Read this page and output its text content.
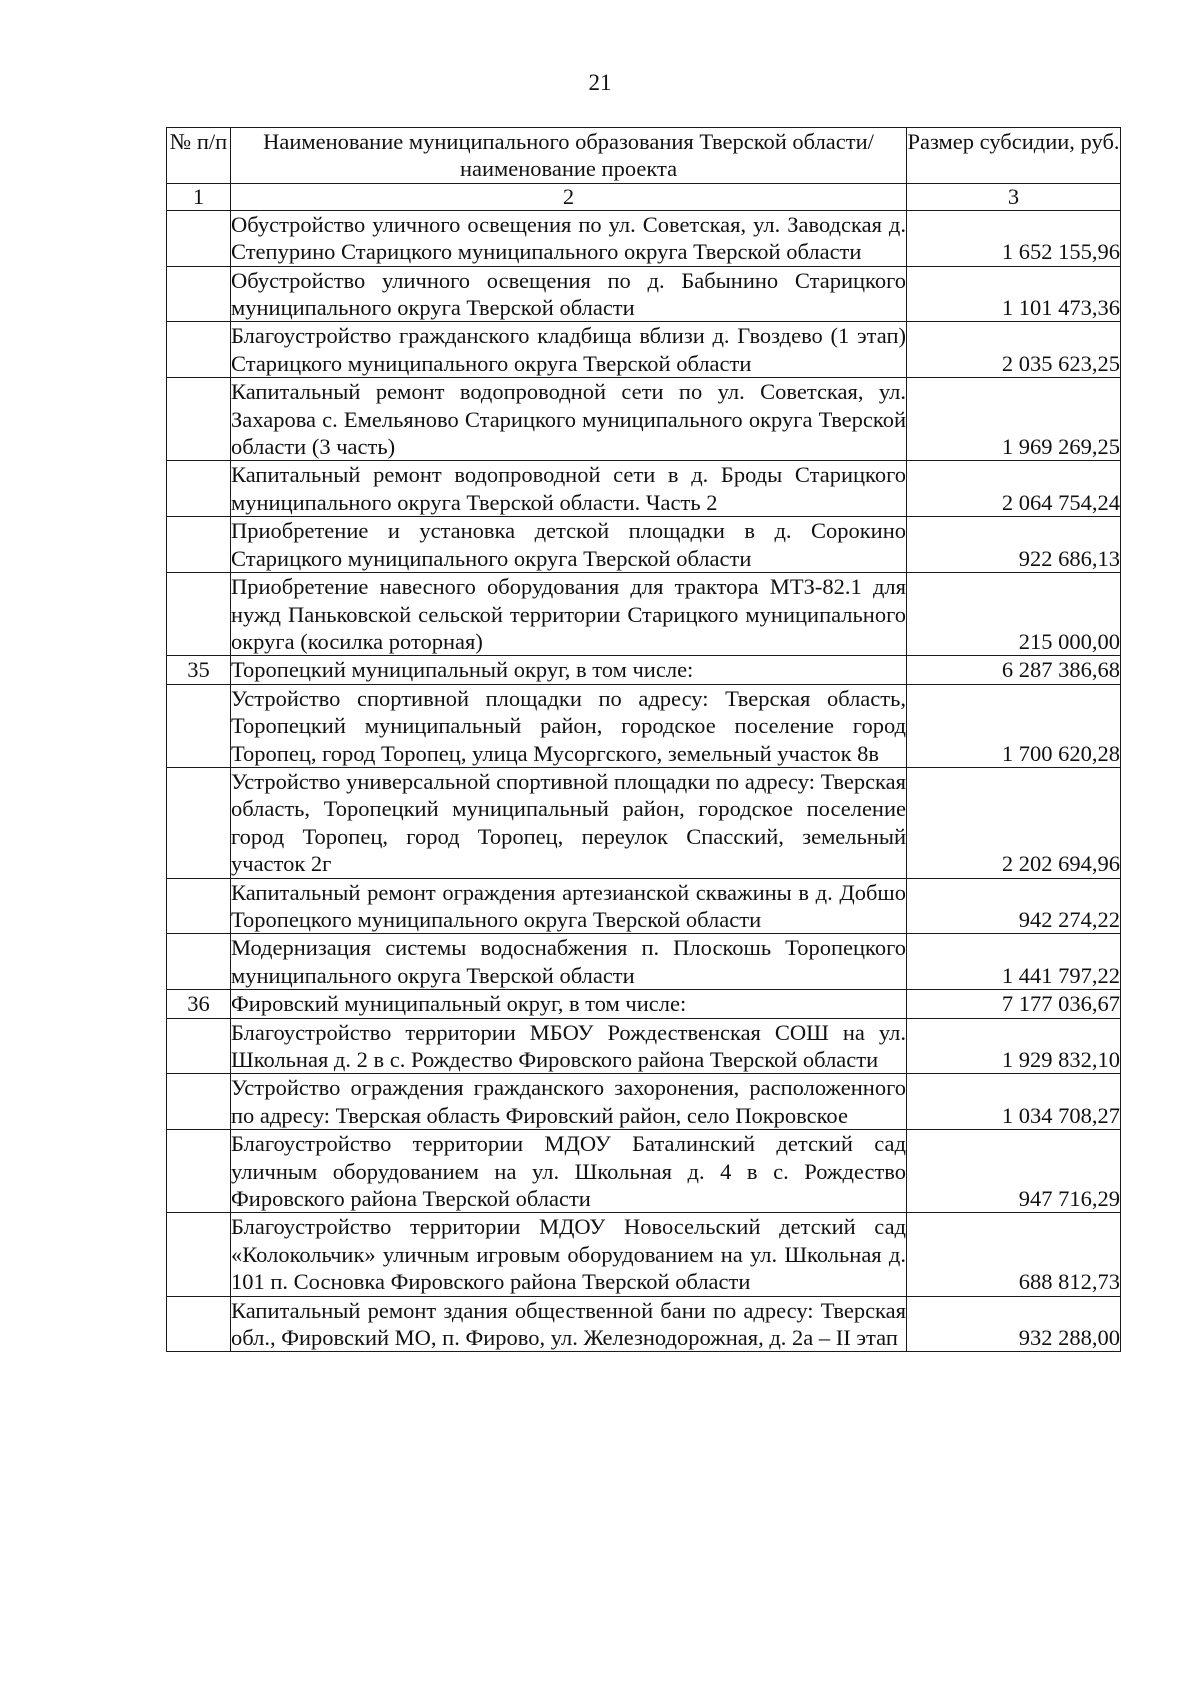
21
№ п/п	Наименование муниципального образования Тверской области/наименование проекта	Размер субсидии, руб.
1	2	3
	Обустройство уличного освещения по ул. Советская, ул. Заводская д. Степурино Старицкого муниципального округа Тверской области	1 652 155,96
	Обустройство уличного освещения по д. Бабынино Старицкого муниципального округа Тверской области	1 101 473,36
	Благоустройство гражданского кладбища вблизи д. Гвоздево (1 этап) Старицкого муниципального округа Тверской области	2 035 623,25
	Капитальный ремонт водопроводной сети по ул. Советская, ул. Захарова с. Емельяново Старицкого муниципального округа Тверской области (3 часть)	1 969 269,25
	Капитальный ремонт водопроводной сети в д. Броды Старицкого муниципального округа Тверской области. Часть 2	2 064 754,24
	Приобретение и установка детской площадки в д. Сорокино Старицкого муниципального округа Тверской области	922 686,13
	Приобретение навесного оборудования для трактора МТЗ-82.1 для нужд Паньковской сельской территории Старицкого муниципального округа (косилка роторная)	215 000,00
35	Торопецкий муниципальный округ, в том числе:	6 287 386,68
	Устройство спортивной площадки по адресу: Тверская область, Торопецкий муниципальный район, городское поселение город Торопец, город Торопец, улица Мусоргского, земельный участок 8в	1 700 620,28
	Устройство универсальной спортивной площадки по адресу: Тверская область, Торопецкий муниципальный район, городское поселение город Торопец, город Торопец, переулок Спасский, земельный участок 2г	2 202 694,96
	Капитальный ремонт ограждения артезианской скважины в д. Добшо Торопецкого муниципального округа Тверской области	942 274,22
	Модернизация системы водоснабжения п. Плоскошь Торопецкого муниципального округа Тверской области	1 441 797,22
36	Фировский муниципальный округ, в том числе:	7 177 036,67
	Благоустройство территории МБОУ Рождественская СОШ на ул. Школьная д. 2 в с. Рождество Фировского района Тверской области	1 929 832,10
	Устройство ограждения гражданского захоронения, расположенного по адресу: Тверская область Фировский район, село Покровское	1 034 708,27
	Благоустройство территории МДОУ Баталинский детский сад уличным оборудованием на ул. Школьная д. 4 в с. Рождество Фировского района Тверской области	947 716,29
	Благоустройство территории МДОУ Новосельский детский сад «Колокольчик» уличным игровым оборудованием на ул. Школьная д. 101 п. Сосновка Фировского района Тверской области	688 812,73
	Капитальный ремонт здания общественной бани по адресу: Тверская обл., Фировский МО, п. Фирово, ул. Железнодорожная, д. 2а – II этап	932 288,00
